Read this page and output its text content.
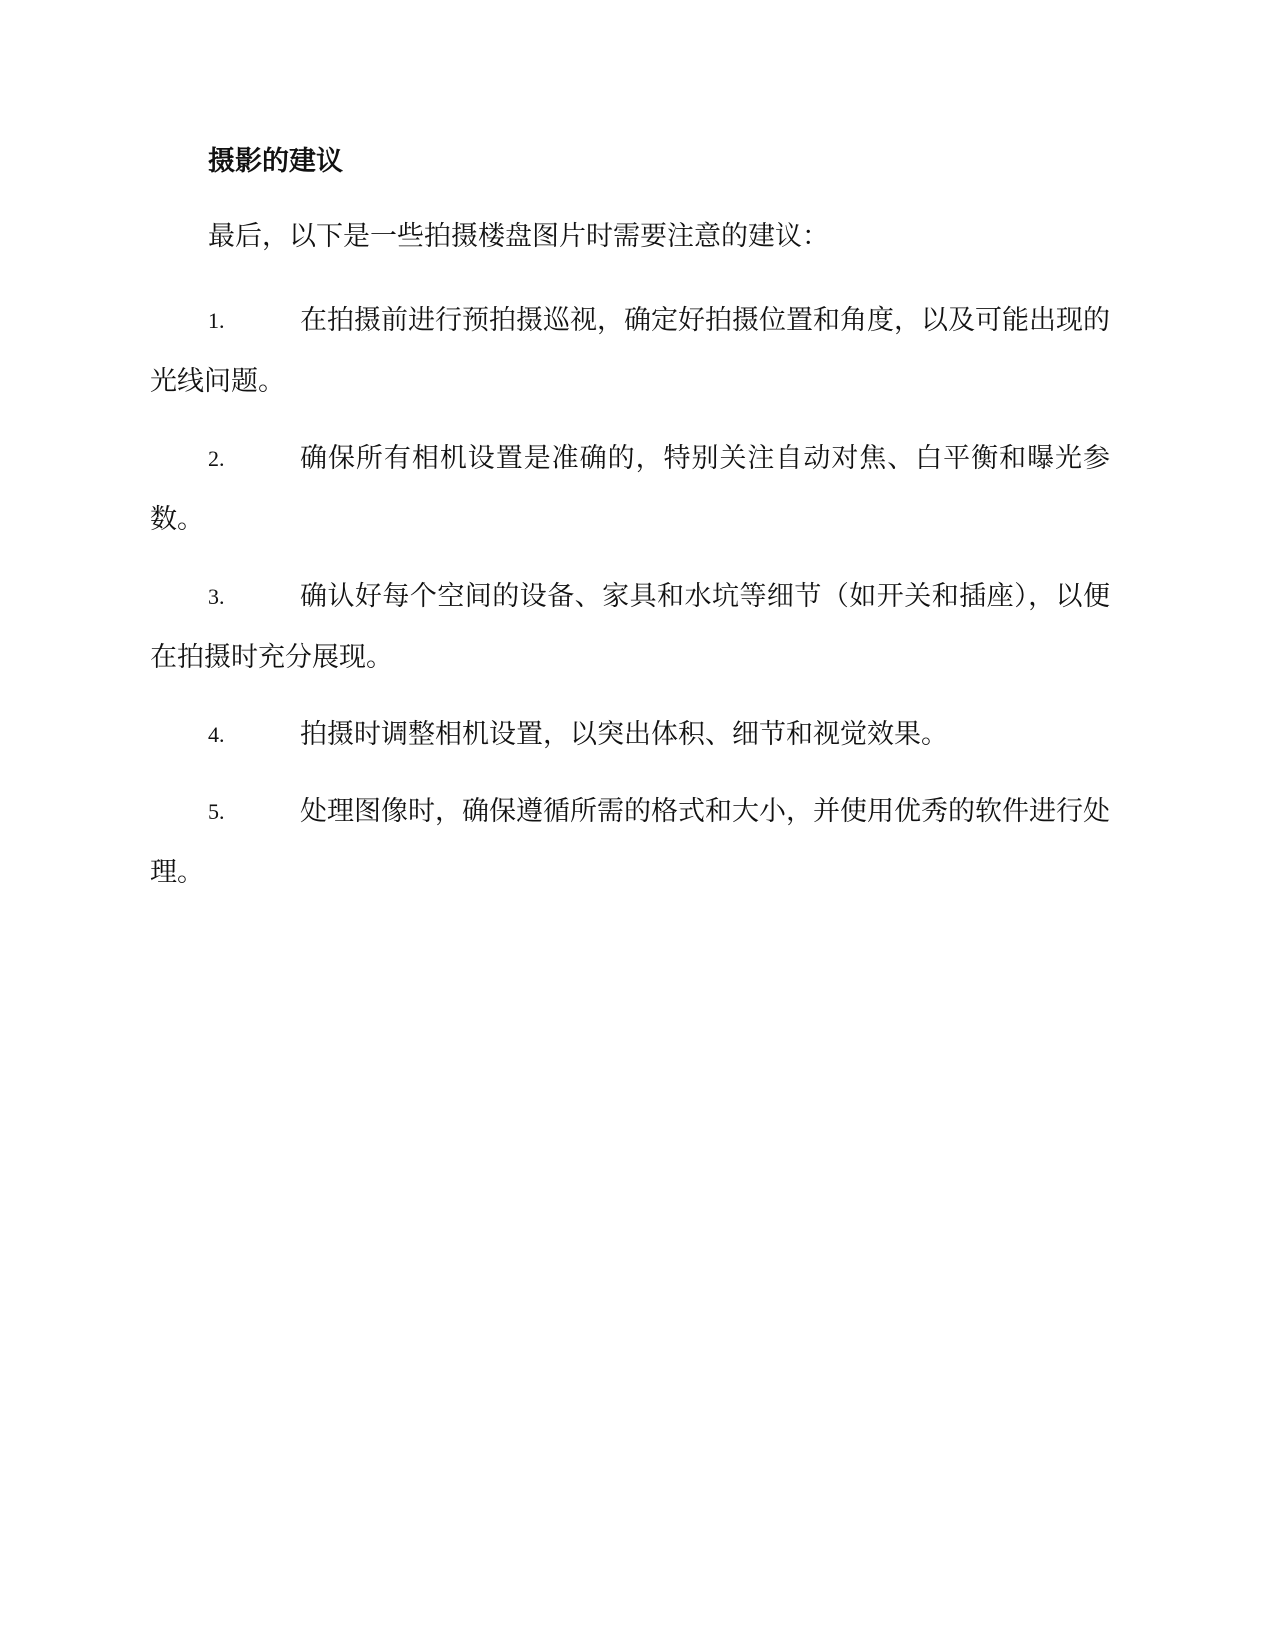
摄影的建议

最后，以下是一些拍摄楼盘图片时需要注意的建议：

1.	在拍摄前进行预拍摄巡视，确定好拍摄位置和角度，以及可能出现的光线问题。
2.	确保所有相机设置是准确的，特别关注自动对焦、白平衡和曝光参数。
3.	确认好每个空间的设备、家具和水坑等细节（如开关和插座），以便在拍摄时充分展现。
4.	拍摄时调整相机设置，以突出体积、细节和视觉效果。
5.	处理图像时，确保遵循所需的格式和大小，并使用优秀的软件进行处理。
